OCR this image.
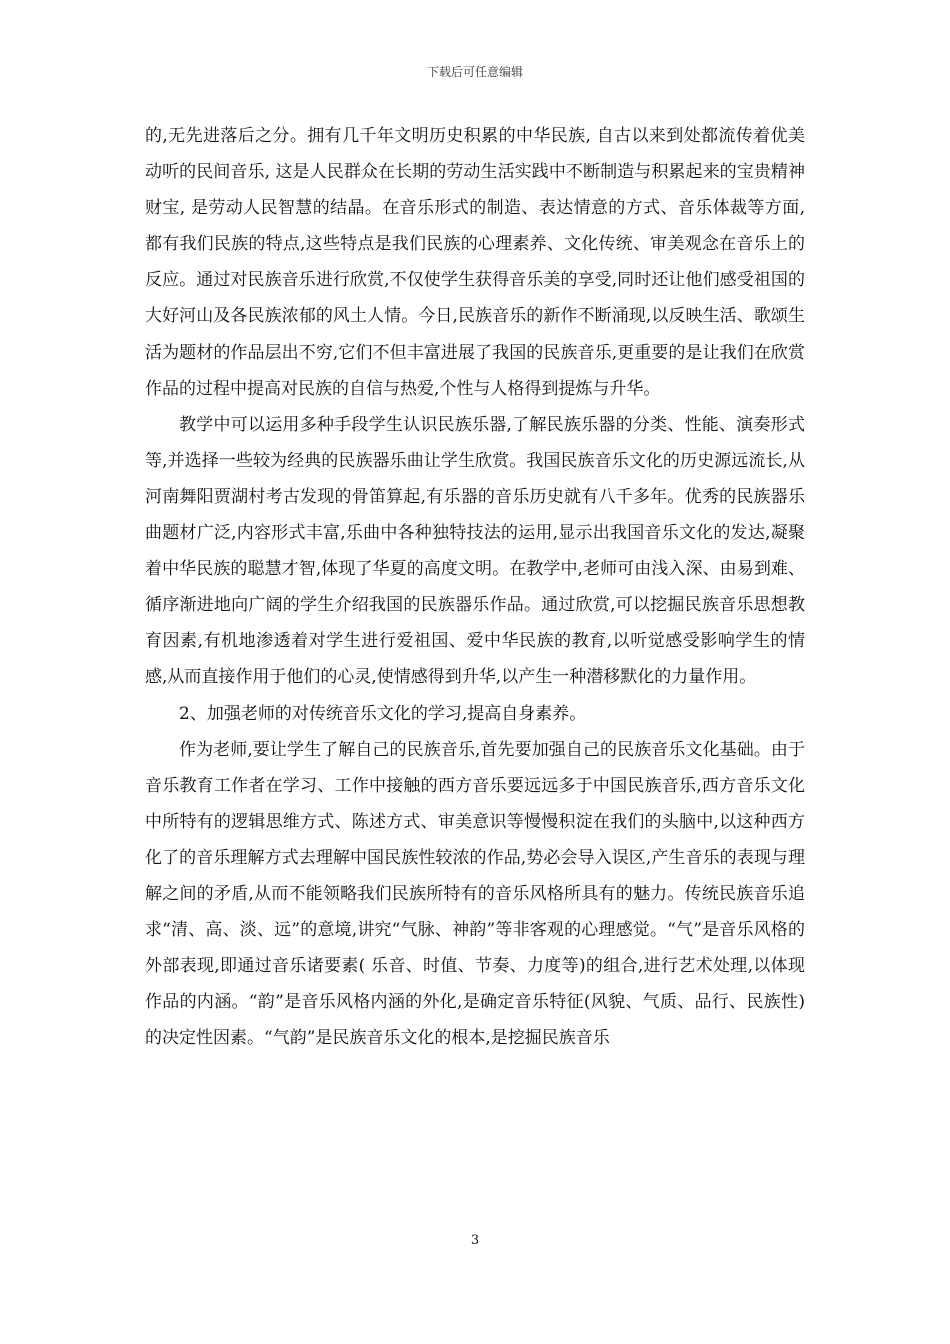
下载后可任意编辑

的,无先进落后之分。拥有几千年文明历史积累的中华民族, 自古以来到处都流传着优美动听的民间音乐, 这是人民群众在长期的劳动生活实践中不断制造与积累起来的宝贵精神财宝, 是劳动人民智慧的结晶。在音乐形式的制造、表达情意的方式、音乐体裁等方面,都有我们民族的特点,这些特点是我们民族的心理素养、文化传统、审美观念在音乐上的反应。通过对民族音乐进行欣赏,不仅使学生获得音乐美的享受,同时还让他们感受祖国的大好河山及各民族浓郁的风土人情。今日,民族音乐的新作不断涌现,以反映生活、歌颂生活为题材的作品层出不穷,它们不但丰富进展了我国的民族音乐,更重要的是让我们在欣赏作品的过程中提高对民族的自信与热爱,个性与人格得到提炼与升华。

教学中可以运用多种手段学生认识民族乐器,了解民族乐器的分类、性能、演奏形式等,并选择一些较为经典的民族器乐曲让学生欣赏。我国民族音乐文化的历史源远流长,从河南舞阳贾湖村考古发现的骨笛算起,有乐器的音乐历史就有八千多年。优秀的民族器乐曲题材广泛,内容形式丰富,乐曲中各种独特技法的运用,显示出我国音乐文化的发达,凝聚着中华民族的聪慧才智,体现了华夏的高度文明。在教学中,老师可由浅入深、由易到难、循序渐进地向广阔的学生介绍我国的民族器乐作品。通过欣赏,可以挖掘民族音乐思想教育因素,有机地渗透着对学生进行爱祖国、爱中华民族的教育,以听觉感受影响学生的情感,从而直接作用于他们的心灵,使情感得到升华,以产生一种潜移默化的力量作用。

2、加强老师的对传统音乐文化的学习,提高自身素养。

作为老师,要让学生了解自己的民族音乐,首先要加强自己的民族音乐文化基础。由于音乐教育工作者在学习、工作中接触的西方音乐要远远多于中国民族音乐,西方音乐文化中所特有的逻辑思维方式、陈述方式、审美意识等慢慢积淀在我们的头脑中,以这种西方化了的音乐理解方式去理解中国民族性较浓的作品,势必会导入误区,产生音乐的表现与理解之间的矛盾,从而不能领略我们民族所特有的音乐风格所具有的魅力。传统民族音乐追求“清、高、淡、远”的意境,讲究“气脉、神韵”等非客观的心理感觉。“气”是音乐风格的外部表现,即通过音乐诸要素( 乐音、时值、节奏、力度等)的组合,进行艺术处理,以体现作品的内涵。“韵”是音乐风格内涵的外化,是确定音乐特征(风貌、气质、品行、民族性)的决定性因素。“气韵”是民族音乐文化的根本,是挖掘民族音乐

3
